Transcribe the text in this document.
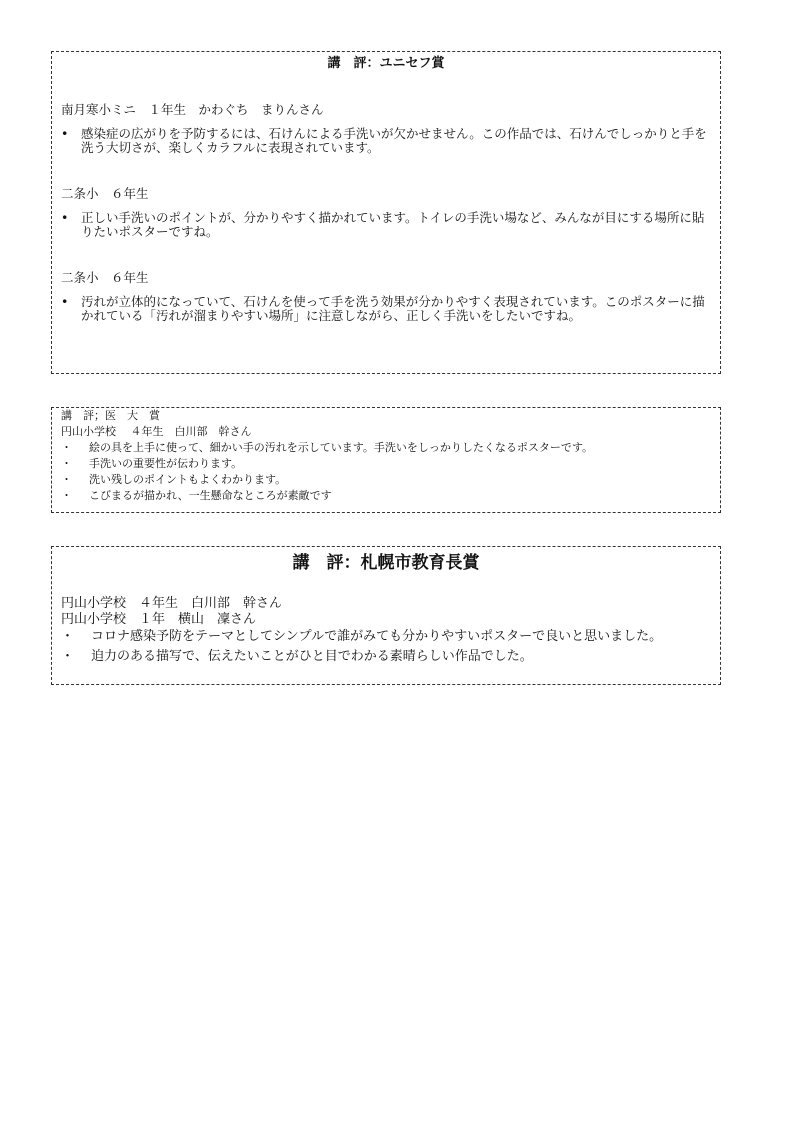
講　評：ユニセフ賞
南月寒小ミニ　１年生　かわぐち　まりんさん
•	感染症の広がりを予防するには、石けんによる手洗いが欠かせません。この作品では、石けんでしっかりと手を洗う大切さが、楽しくカラフルに表現されています。
二条小　６年生
•	正しい手洗いのポイントが、分かりやすく描かれています。トイレの手洗い場など、みんなが目にする場所に貼りたいポスターですね。
二条小　６年生
•	汚れが立体的になっていて、石けんを使って手を洗う効果が分かりやすく表現されています。このポスターに描かれている「汚れが溜まりやすい場所」に注意しながら、正しく手洗いをしたいですね。
講　評；医　大　賞
円山小学校　 ４年生　白川部　幹さん
・	絵の具を上手に使って、細かい手の汚れを示しています。手洗いをしっかりしたくなるポスターです。
・	手洗いの重要性が伝わります。
・	洗い残しのポイントもよくわかります。
・	こびまるが描かれ、一生懸命なところが素敵です
講　評：札幌市教育長賞
円山小学校　４年生　白川部　幹さん
円山小学校　１年　横山　凜さん
・ コロナ感染予防をテーマとしてシンプルで誰がみても分かりやすいポスターで良いと思いました。
・ 迫力のある描写で、伝えたいことがひと目でわかる素晴らしい作品でした。
